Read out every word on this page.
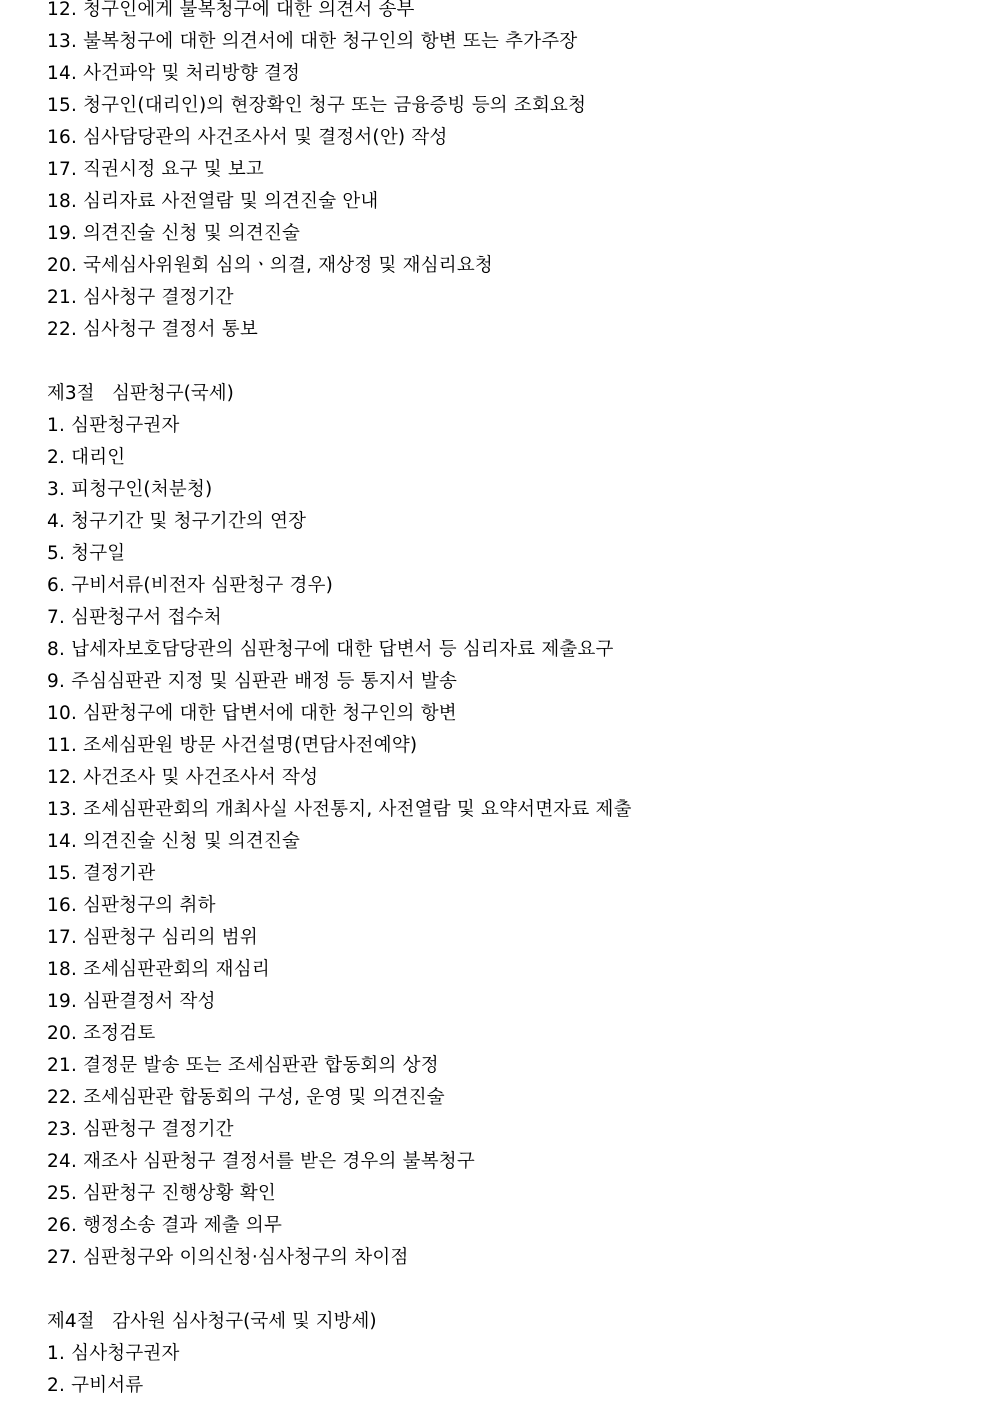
12. 청구인에게 불복청구에 대한 의견서 송부
13. 불복청구에 대한 의견서에 대한 청구인의 항변 또는 추가주장
14. 사건파악 및 처리방향 결정
15. 청구인(대리인)의 현장확인 청구 또는 금융증빙 등의 조회요청
16. 심사담당관의 사건조사서 및 결정서(안) 작성
17. 직권시정 요구 및 보고
18. 심리자료 사전열람 및 의견진술 안내
19. 의견진술 신청 및 의견진술
20. 국세심사위원회 심의ㆍ의결, 재상정 및 재심리요청
21. 심사청구 결정기간
22. 심사청구 결정서 통보
제3절   심판청구(국세)
1. 심판청구권자
2. 대리인
3. 피청구인(처분청)
4. 청구기간 및 청구기간의 연장
5. 청구일
6. 구비서류(비전자 심판청구 경우)
7. 심판청구서 접수처
8. 납세자보호담당관의 심판청구에 대한 답변서 등 심리자료 제출요구
9. 주심심판관 지정 및 심판관 배정 등 통지서 발송
10. 심판청구에 대한 답변서에 대한 청구인의 항변
11. 조세심판원 방문 사건설명(면담사전예약)
12. 사건조사 및 사건조사서 작성
13. 조세심판관회의 개최사실 사전통지, 사전열람 및 요약서면자료 제출
14. 의견진술 신청 및 의견진술
15. 결정기관
16. 심판청구의 취하
17. 심판청구 심리의 범위
18. 조세심판관회의 재심리
19. 심판결정서 작성
20. 조정검토
21. 결정문 발송 또는 조세심판관 합동회의 상정
22. 조세심판관 합동회의 구성, 운영 및 의견진술
23. 심판청구 결정기간
24. 재조사 심판청구 결정서를 받은 경우의 불복청구
25. 심판청구 진행상황 확인
26. 행정소송 결과 제출 의무
27. 심판청구와 이의신청·심사청구의 차이점
제4절   감사원 심사청구(국세 및 지방세)
1. 심사청구권자
2. 구비서류
